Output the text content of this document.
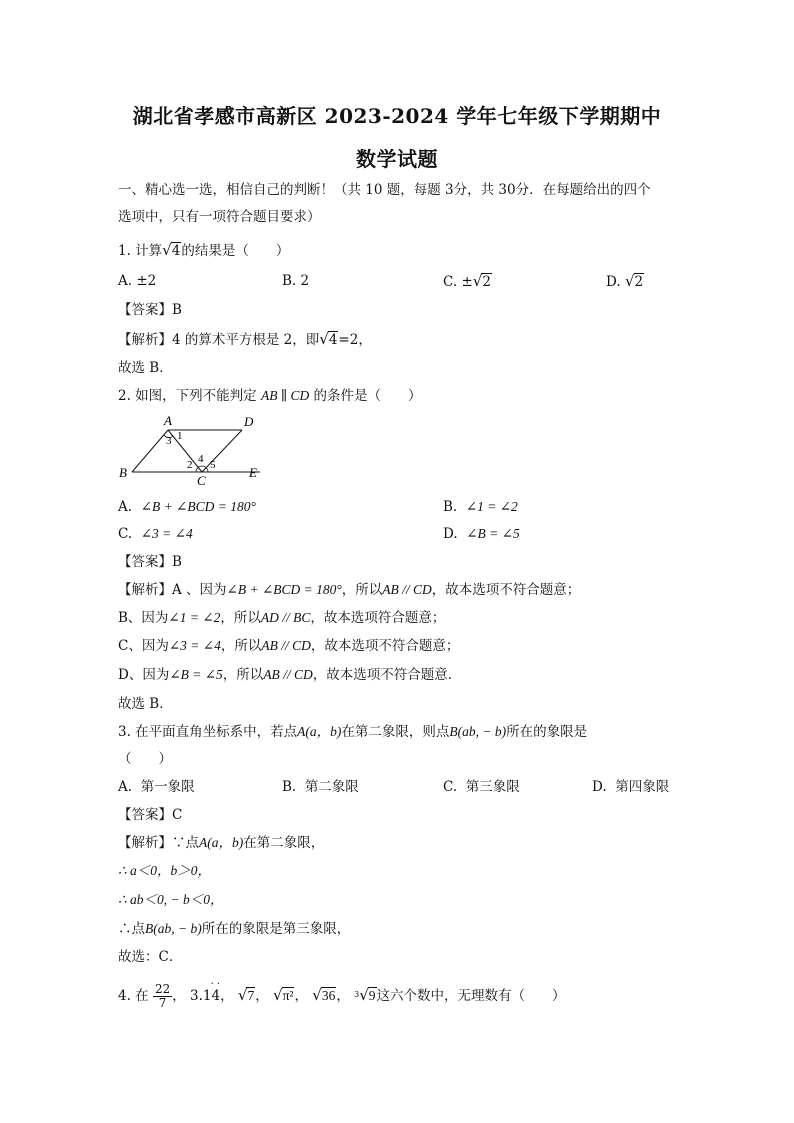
湖北省孝感市高新区 2023-2024 学年七年级下学期期中
数学试题
一、精心选一选，相信自己的判断！（共 10 题，每题 3分，共 30分．在每题给出的四个
选项中，只有一项符合题目要求）
1. 计算√4的结果是（　　）
A. ±2	B. 2	C. ±√2	D. √2
【答案】B
【解析】4 的算术平方根是 2，即√4=2，
故选 B．
2. 如图，下列不能判定 AB ∥ CD 的条件是（　　）
A	D
B
C
E
1
2
3
4 5
A. ∠B + ∠BCD = 180°	B. ∠1 = ∠2
C. ∠3 = ∠4	D. ∠B = ∠5
【答案】B
【解析】A 、因为∠B + ∠BCD = 180°，所以AB // CD，故本选项不符合题意；
B、因为∠1 = ∠2，所以AD // BC，故本选项符合题意；
C、因为∠3 = ∠4，所以AB // CD，故本选项不符合题意；
D、因为∠B = ∠5，所以AB // CD，故本选项不符合题意．
故选 B．
3. 在平面直角坐标系中，若点A(a，b)在第二象限，则点B(ab, − b)所在的象限是
（　　）
A. 第一象限	B. 第二象限	C. 第三象限	D. 第四象限
【答案】C
【解析】∵点A(a，b)在第二象限，
∴ a＜0，b＞0，
∴ ab＜0, − b＜0，
∴点B(ab, − b)所在的象限是第三象限，
故选：C．
4. 在 $\frac{22}{7}$ ，
· ·
3.14， √7， √π²， √36， $^3$√9这六个数中，无理数有（　　）
